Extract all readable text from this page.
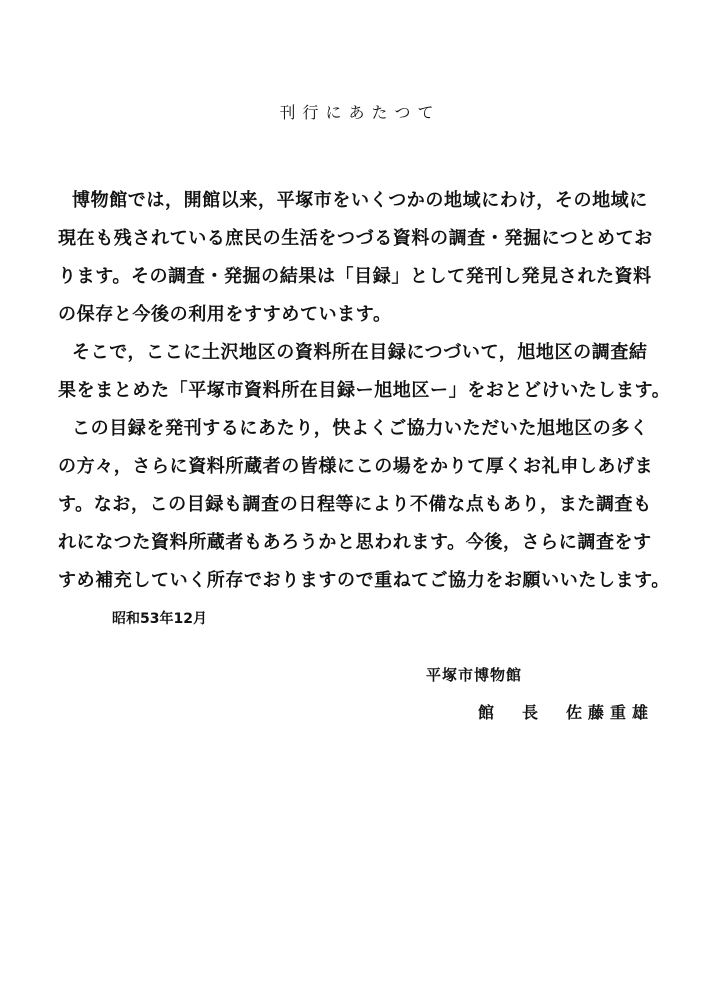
刊行にあたつて
博物館では，開館以来，平塚市をいくつかの地域にわけ，その地域に
現在も残されている庶民の生活をつづる資料の調査・発掘につとめてお
ります。その調査・発掘の結果は「目録」として発刊し発見された資料
の保存と今後の利用をすすめています。
そこで，ここに土沢地区の資料所在目録につづいて，旭地区の調査結
果をまとめた「平塚市資料所在目録ー旭地区ー」をおとどけいたします。
この目録を発刊するにあたり，快よくご協力いただいた旭地区の多く
の方々，さらに資料所蔵者の皆様にこの場をかりて厚くお礼申しあげま
す。なお，この目録も調査の日程等により不備な点もあり，また調査も
れになつた資料所蔵者もあろうかと思われます。今後，さらに調査をす
すめ補充していく所存でおりますので重ねてご協力をお願いいたします。
昭和53年12月
平塚市博物館
館　長　佐藤重雄
